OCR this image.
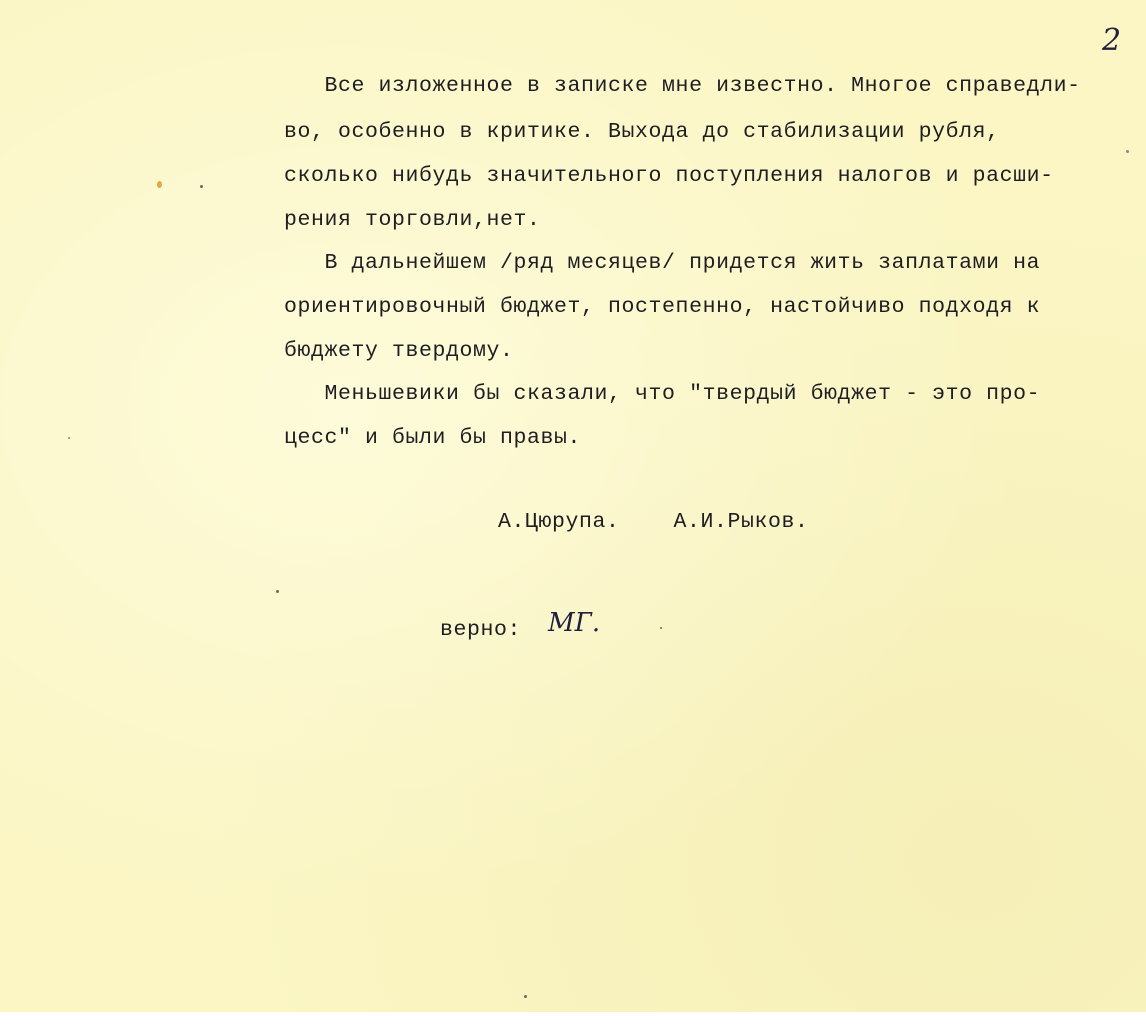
2

Все изложенное в записке мне известно. Многое справедли-

во, особенно в критике. Выхода до стабилизации рубля,

сколько нибудь значительного поступления налогов и расши-

рения торговли,нет.

В дальнейшем /ряд месяцев/ придется жить заплатами на

ориентировочный бюджет, постепенно, настойчиво подходя к

бюджету твердому.

Меньшевики бы сказали, что "твердый бюджет - это про-

цесс" и были бы правы.

А.Цюрупа.    А.И.Рыков.

верно: МГ.
